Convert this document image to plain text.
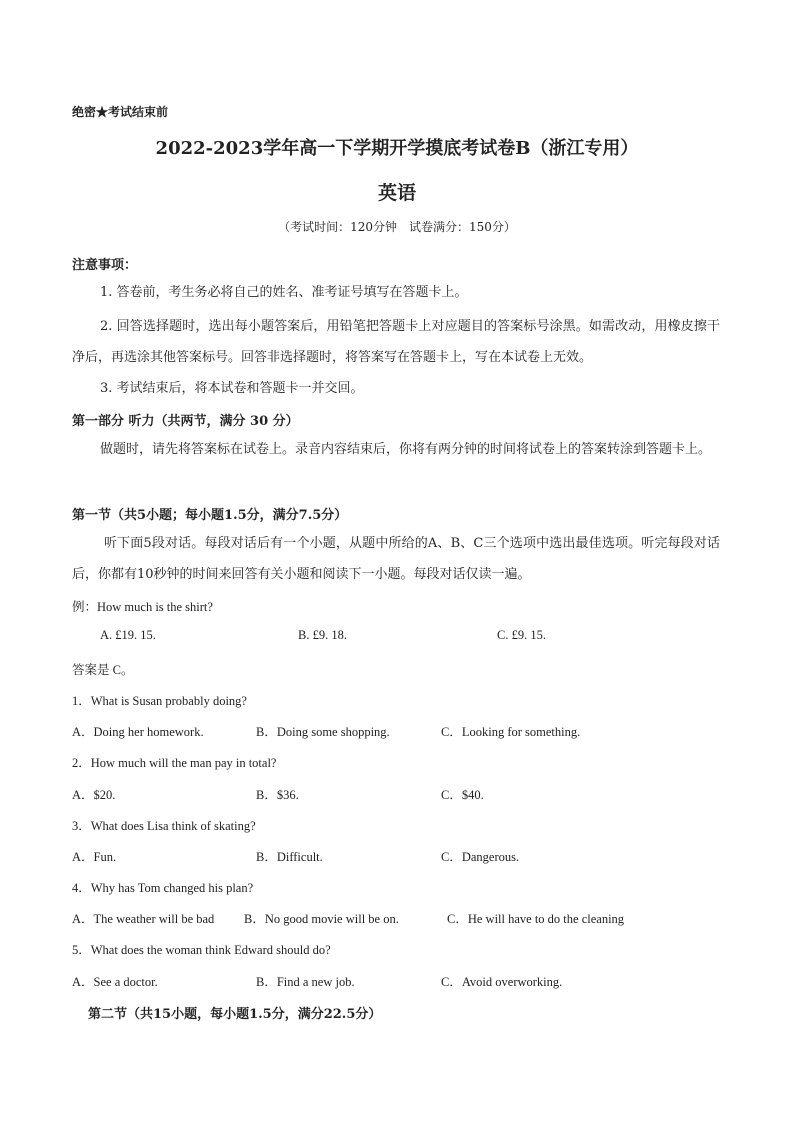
绝密★考试结束前
2022-2023学年高一下学期开学摸底考试卷B（浙江专用）
英语
（考试时间：120分钟　试卷满分：150分）
注意事项：
1. 答卷前，考生务必将自己的姓名、准考证号填写在答题卡上。
2. 回答选择题时，选出每小题答案后，用铅笔把答题卡上对应题目的答案标号涂黑。如需改动，用橡皮擦干净后，再选涂其他答案标号。回答非选择题时，将答案写在答题卡上，写在本试卷上无效。
3. 考试结束后，将本试卷和答题卡一并交回。
第一部分 听力（共两节，满分 30 分）
做题时，请先将答案标在试卷上。录音内容结束后，你将有两分钟的时间将试卷上的答案转涂到答题卡上。
第一节（共5小题；每小题1.5分，满分7.5分）
听下面5段对话。每段对话后有一个小题，从题中所给的A、B、C三个选项中选出最佳选项。听完每段对话后，你都有10秒钟的时间来回答有关小题和阅读下一小题。每段对话仅读一遍。
例：How much is the shirt?
A. £19. 15.	B. £9. 18.	C. £9. 15.
答案是 C。
1．What is Susan probably doing?
A．Doing her homework.	B．Doing some shopping.	C．Looking for something.
2．How much will the man pay in total?
A．$20.	B．$36.	C．$40.
3．What does Lisa think of skating?
A．Fun.	B．Difficult.	C．Dangerous.
4．Why has Tom changed his plan?
A．The weather will be bad B．No good movie will be on.	C．He will have to do the cleaning
5．What does the woman think Edward should do?
A．See a doctor.	B．Find a new job.	C．Avoid overworking.
第二节（共15小题，每小题1.5分，满分22.5分）
